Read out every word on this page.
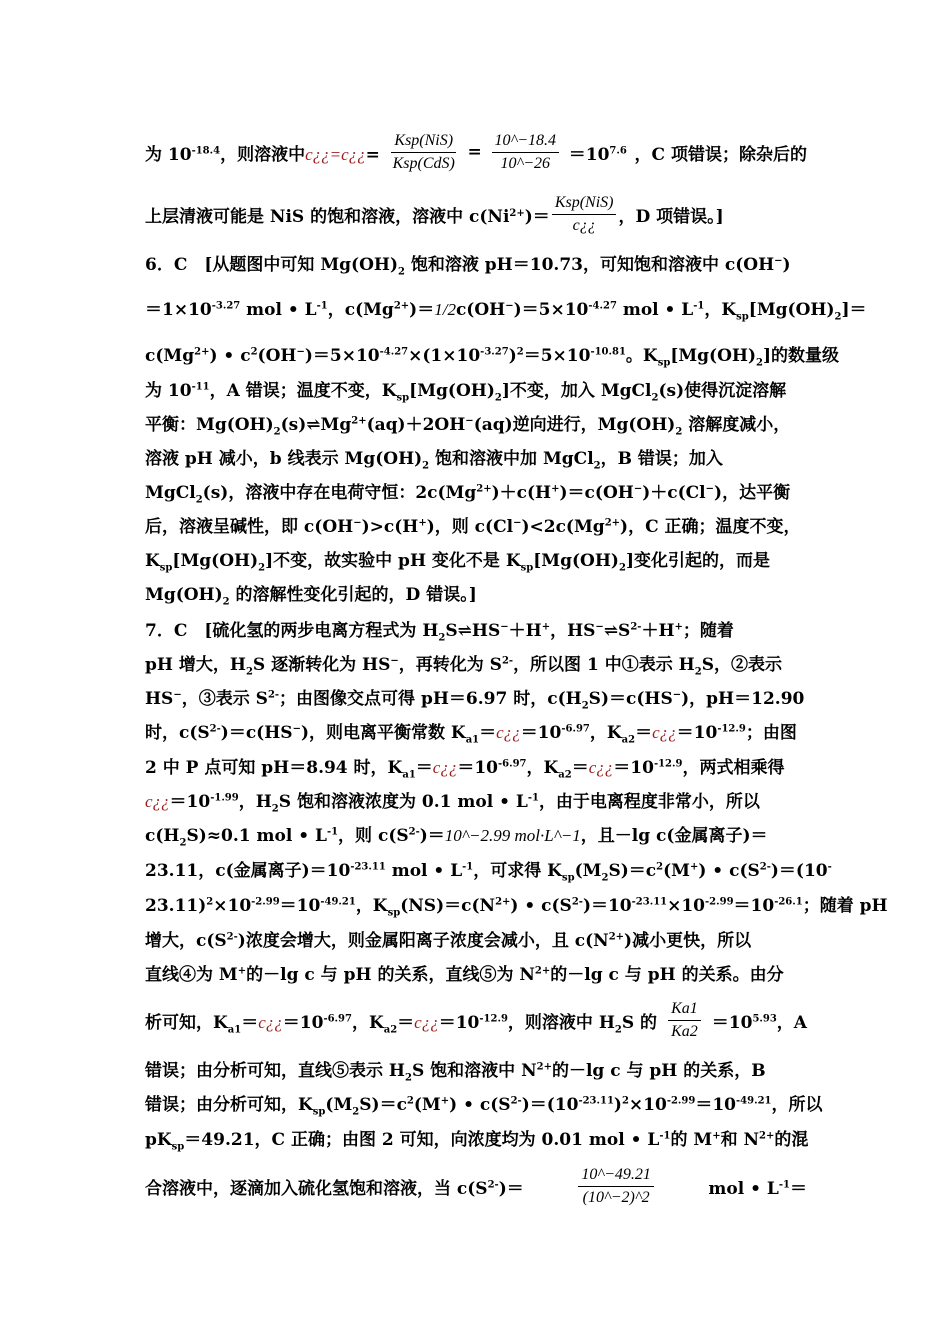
为 $10^{-18.4}$，则溶液中c¿¿=c¿¿= $\frac{\text{Ksp(NiS)}}{\text{Ksp(CdS)}} = \frac{10\^{}-18.4}{10\^{}-26} =10^{7.6}$ ，C 项错误；除杂后的
上层清液可能是 NiS 的饱和溶液，溶液中 c(Ni 2+ )＝ $\frac{\text{Ksp(NiS)}}{c¿¿}$ ，D 项错误。]
6．C　[从题图中可知 $Mg(OH)_2$ 饱和溶液 pH＝10.73，可知饱和溶液中 c(OH−)
$=1\times 10^{-3.27}$ mol • $L^{-1}$，$c(Mg^{2+})=1/2c(OH^-)=5\times 10^{-4.27}$ mol • $L^{-1}$，$K_{sp}[Mg(OH)_2]=$
$c(Mg^{2+})$ • $c^2(OH^-)=5\times 10^{-4.27}\times(1\times 10^{-3.27})^2=5\times 10^{-10.81}$。$K_{sp}[Mg(OH)_2]$的数量级
为 $10^{-11}$，A 错误；温度不变，$K_{sp}[Mg(OH)_2]$不变，加入 MgCl$_2$(s)使得沉淀溶解
平衡：$Mg(OH)_2(s)\rightleftharpoons Mg^{2+}(aq)+2OH^-(aq)$逆向进行，$Mg(OH)_2$ 溶解度减小，
溶液 pH 减小，b 线表示 $Mg(OH)_2$ 饱和溶液中加 MgCl$_2$，B 错误；加入
MgCl$_2$(s)，溶液中存在电荷守恒：$2c(Mg^{2+})+c(H^+)=c(OH^-)+c(Cl^-)$，达平衡
后，溶液呈碱性，即 c(OH−)>c(H+)，则 $c(Cl^-)<2c(Mg^{2+})$，C 正确；温度不变，
$K_{sp}[Mg(OH)_2]$不变，故实验中 pH 变化不是 $K_{sp}[Mg(OH)_2]$变化引起的，而是
$Mg(OH)_2$ 的溶解性变化引起的，D 错误。]
7．C　[硫化氢的两步电离方程式为 $H_2S\rightleftharpoons HS^-+H^+$，$HS^-\rightleftharpoons S^{2-}+H^+$；随着
pH 增大，$H_2S$ 逐渐转化为 HS−，再转化为 $S^{2-}$，所以图 1 中①表示 $H_2S$，②表示
HS−，③表示 $S^{2-}$；由图像交点可得 pH＝6.97 时，$c(H_2S)=c(HS^-)$，pH＝12.90
时，$c(S^{2-})=c(HS^-)$，则电离平衡常数 $K_{a1}=c¿¿=10^{-6.97}$，$K_{a2}=c¿¿=10^{-12.9}$；由图
2 中 P 点可知 pH＝8.94 时，$K_{a1}=c¿¿=10^{-6.97}$，$K_{a2}=c¿¿=10^{-12.9}$，两式相乘得
$c¿¿=10^{-1.99}$，$H_2S$ 饱和溶液浓度为 0.1 mol • $L^{-1}$，由于电离程度非常小，所以
$c(H_2S)\approx 0.1$ mol • $L^{-1}$，则 $c(S^{2-})=10\^{}-2.99$ mol·L^−1，且－lg c(金属离子)＝
23.11，c(金属离子)$=10^{-23.11}$ mol • $L^{-1}$，可求得 $K_{sp}(M_2S)=c^2(M^+)$ • $c(S^{2-})=(10^-$
$23.11)^2\times 10^{-2.99}=10^{-49.21}$，$K_{sp}(NS)=c(N^{2+})$ • $c(S^{2-})=10^{-23.11}\times 10^{-2.99}=10^{-26.1}$；随着 pH
增大，$c(S^{2-})$浓度会增大，则金属阳离子浓度会减小，且 $c(N^{2+})$减小更快，所以
直线④为 M+的－lg c 与 pH 的关系，直线⑤为 $N^{2+}$的－lg c 与 pH 的关系。由分
析可知，$K_{a1}=c¿¿=10^{-6.97}$，$K_{a2}=c¿¿=10^{-12.9}$，则溶液中 $H_2S$ 的 $\frac{Ka1}{Ka2} =10^{5.93}$，A
错误；由分析可知，直线⑤表示 $H_2S$ 饱和溶液中 $N^{2+}$的－lg c 与 pH 的关系，B
错误；由分析可知，$K_{sp}(M_2S)=c^2(M^+)$ • $c(S^{2-})=(10^{-23.11})^2\times 10^{-2.99}=10^{-49.21}$，所以
$pK_{sp}=49.21$，C 正确；由图 2 可知，向浓度均为 0.01 mol • $L^{-1}$的 M+和 $N^{2+}$的混
合溶液中，逐滴加入硫化氢饱和溶液，当 $c(S^{2-})=$	$\frac{10\^{}-49.21}{(10\^{}-2)\^{}2}$	mol • $L^{-1}=$
